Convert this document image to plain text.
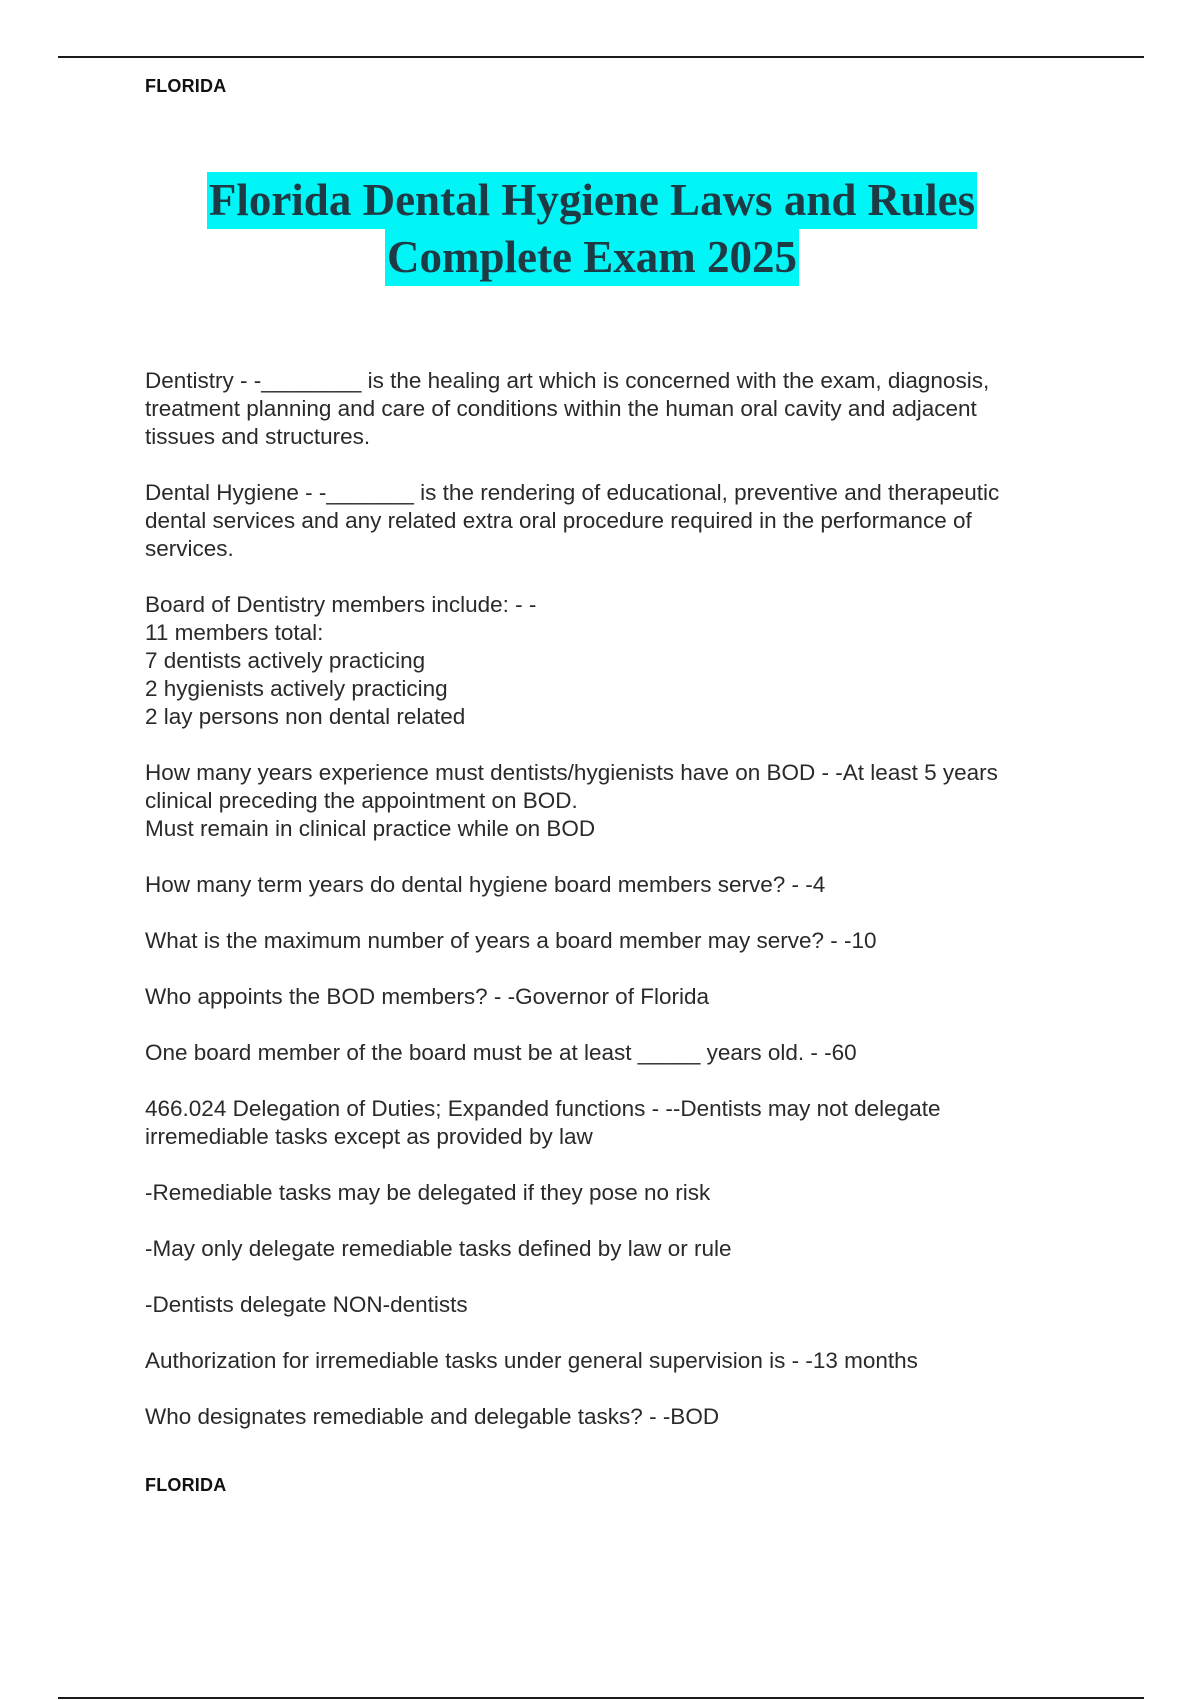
FLORIDA
Florida Dental Hygiene Laws and Rules
Complete Exam 2025
Dentistry - -________ is the healing art which is concerned with the exam, diagnosis,
treatment planning and care of conditions within the human oral cavity and adjacent
tissues and structures.
Dental Hygiene - -_______ is the rendering of educational, preventive and therapeutic
dental services and any related extra oral procedure required in the performance of
services.
Board of Dentistry members include: - -
11 members total:
7 dentists actively practicing
2 hygienists actively practicing
2 lay persons non dental related
How many years experience must dentists/hygienists have on BOD - -At least 5 years
clinical preceding the appointment on BOD.
Must remain in clinical practice while on BOD
How many term years do dental hygiene board members serve? - -4
What is the maximum number of years a board member may serve? - -10
Who appoints the BOD members? - -Governor of Florida
One board member of the board must be at least _____ years old. - -60
466.024 Delegation of Duties; Expanded functions - --Dentists may not delegate
irremediable tasks except as provided by law
-Remediable tasks may be delegated if they pose no risk
-May only delegate remediable tasks defined by law or rule
-Dentists delegate NON-dentists
Authorization for irremediable tasks under general supervision is - -13 months
Who designates remediable and delegable tasks? - -BOD
FLORIDA
